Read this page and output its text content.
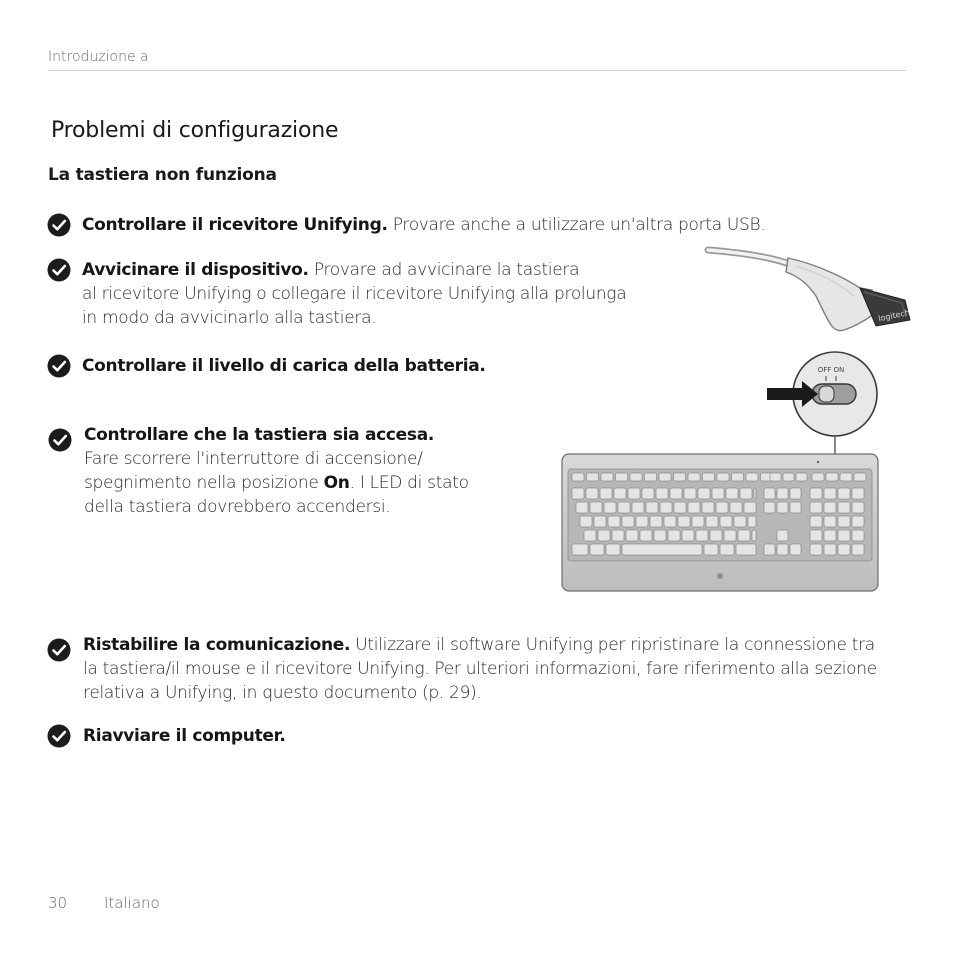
Introduzione a
Problemi di configurazione
La tastiera non funziona
Controllare il ricevitore Unifying. Provare anche a utilizzare un'altra porta USB.
Avvicinare il dispositivo. Provare ad avvicinare la tastiera
al ricevitore Unifying o collegare il ricevitore Unifying alla prolunga
in modo da avvicinarlo alla tastiera.
Controllare il livello di carica della batteria.
Controllare che la tastiera sia accesa.
Fare scorrere l'interruttore di accensione/
spegnimento nella posizione On. I LED di stato
della tastiera dovrebbero accendersi.
Ristabilire la comunicazione. Utilizzare il software Unifying per ripristinare la connessione tra
la tastiera/il mouse e il ricevitore Unifying. Per ulteriori informazioni, fare riferimento alla sezione
relativa a Unifying, in questo documento (p. 29).
Riavviare il computer.
logitech
OFF ON
30 Italiano
